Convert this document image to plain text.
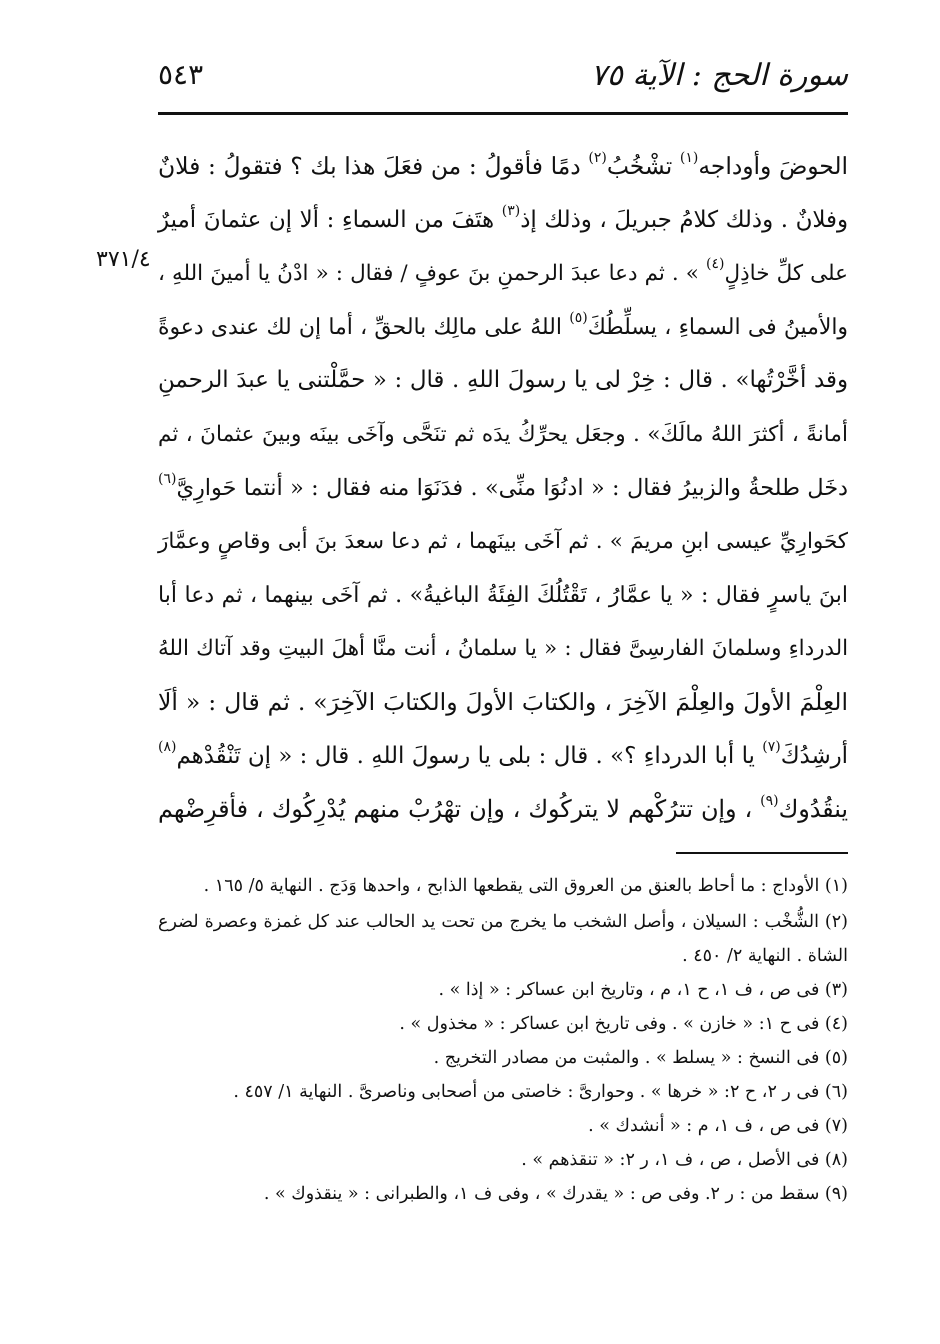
سورة الحج : الآية ٧٥
٥٤٣
٣٧١/٤
الحوضَ وأوداجه$^{(١)}$ تشْخُبُ$^{(٢)}$ دمًا فأقولُ : من فعَلَ هذا بك ؟ فتقولُ : فلانٌ
وفلانٌ . وذلك كلامُ جبريلَ ، وذلك إذ$^{(٣)}$ هتَفَ من السماءِ : ألا إن عثمانَ أميرٌ
على كلِّ خاذِلٍ$^{(٤)}$ » . ثم دعا عبدَ الرحمنِ بنَ عوفٍ / فقال : « ادْنُ يا أمينَ اللهِ ،
والأمينُ فى السماءِ ، يسلِّطُكَ$^{(٥)}$ اللهُ على مالِك بالحقِّ ، أما إن لك عندى دعوةً
وقد أخَّرْتُها» . قال : خِرْ لى يا رسولَ اللهِ . قال : « حمَّلْتنى يا عبدَ الرحمنِ
أمانةً ، أكثرَ اللهُ مالَكَ» . وجعَل يحرِّكُ يدَه ثم تنَحَّى وآخَى بينَه وبينَ عثمانَ ، ثم
دخَل طلحةُ والزبيرُ فقال : « ادنُوَا منِّى» . فدَنَوَا منه فقال : « أنتما حَوارِيَّ$^{(٦)}$
كحَوارِيِّ عيسى ابنِ مريمَ » . ثم آخَى بينَهما ، ثم دعا سعدَ بنَ أبى وقاصٍ وعمَّارَ
ابنَ ياسرٍ فقال : « يا عمَّارُ ، تَقْتُلُكَ الفِئَةُ الباغيةُ» . ثم آخَى بينهما ، ثم دعا أبا
الدرداءِ وسلمانَ الفارسِىَّ فقال : « يا سلمانُ ، أنت منَّا أهلَ البيتِ وقد آتاك اللهُ
العِلْمَ الأولَ والعِلْمَ الآخِرَ ، والكتابَ الأولَ والكتابَ الآخِرَ» . ثم قال : « ألَا
أرشِدُكَ$^{(٧)}$ يا أبا الدرداءِ ؟» . قال : بلى يا رسولَ اللهِ . قال : « إن تَنْقُدْهم$^{(٨)}$
ينقُدُوك$^{(٩)}$ ، وإن تترُكْهم لا يتركُوك ، وإن تهْرُبْ منهم يُدْرِكُوك ، فأقرِضْهم
(١) الأوداج : ما أحاط بالعنق من العروق التى يقطعها الذابح ، واحدها وَدَج . النهاية ٥/ ١٦٥ .
(٢) الشُّخْب : السيلان ، وأصل الشخب ما يخرج من تحت يد الحالب عند كل غمزة وعصرة لضرع
الشاة . النهاية ٢/ ٤٥٠ .
(٣) فى ص ، ف ١، ح ١، م ، وتاريخ ابن عساكر : « إذا » .
(٤) فى ح ١: « خازن » . وفى تاريخ ابن عساكر : « مخذول » .
(٥) فى النسخ : « يسلط » . والمثبت من مصادر التخريج .
(٦) فى ر ٢، ح ٢: « خرها » . وحوارىَّ : خاصتى من أصحابى وناصرىَّ . النهاية ١/ ٤٥٧ .
(٧) فى ص ، ف ١، م : « أنشدك » .
(٨) فى الأصل ، ص ، ف ١، ر ٢: « تنقذهم » .
(٩) سقط من : ر ٢. وفى ص : « يقدرك » ، وفى ف ١، والطبرانى : « ينقذوك » .
